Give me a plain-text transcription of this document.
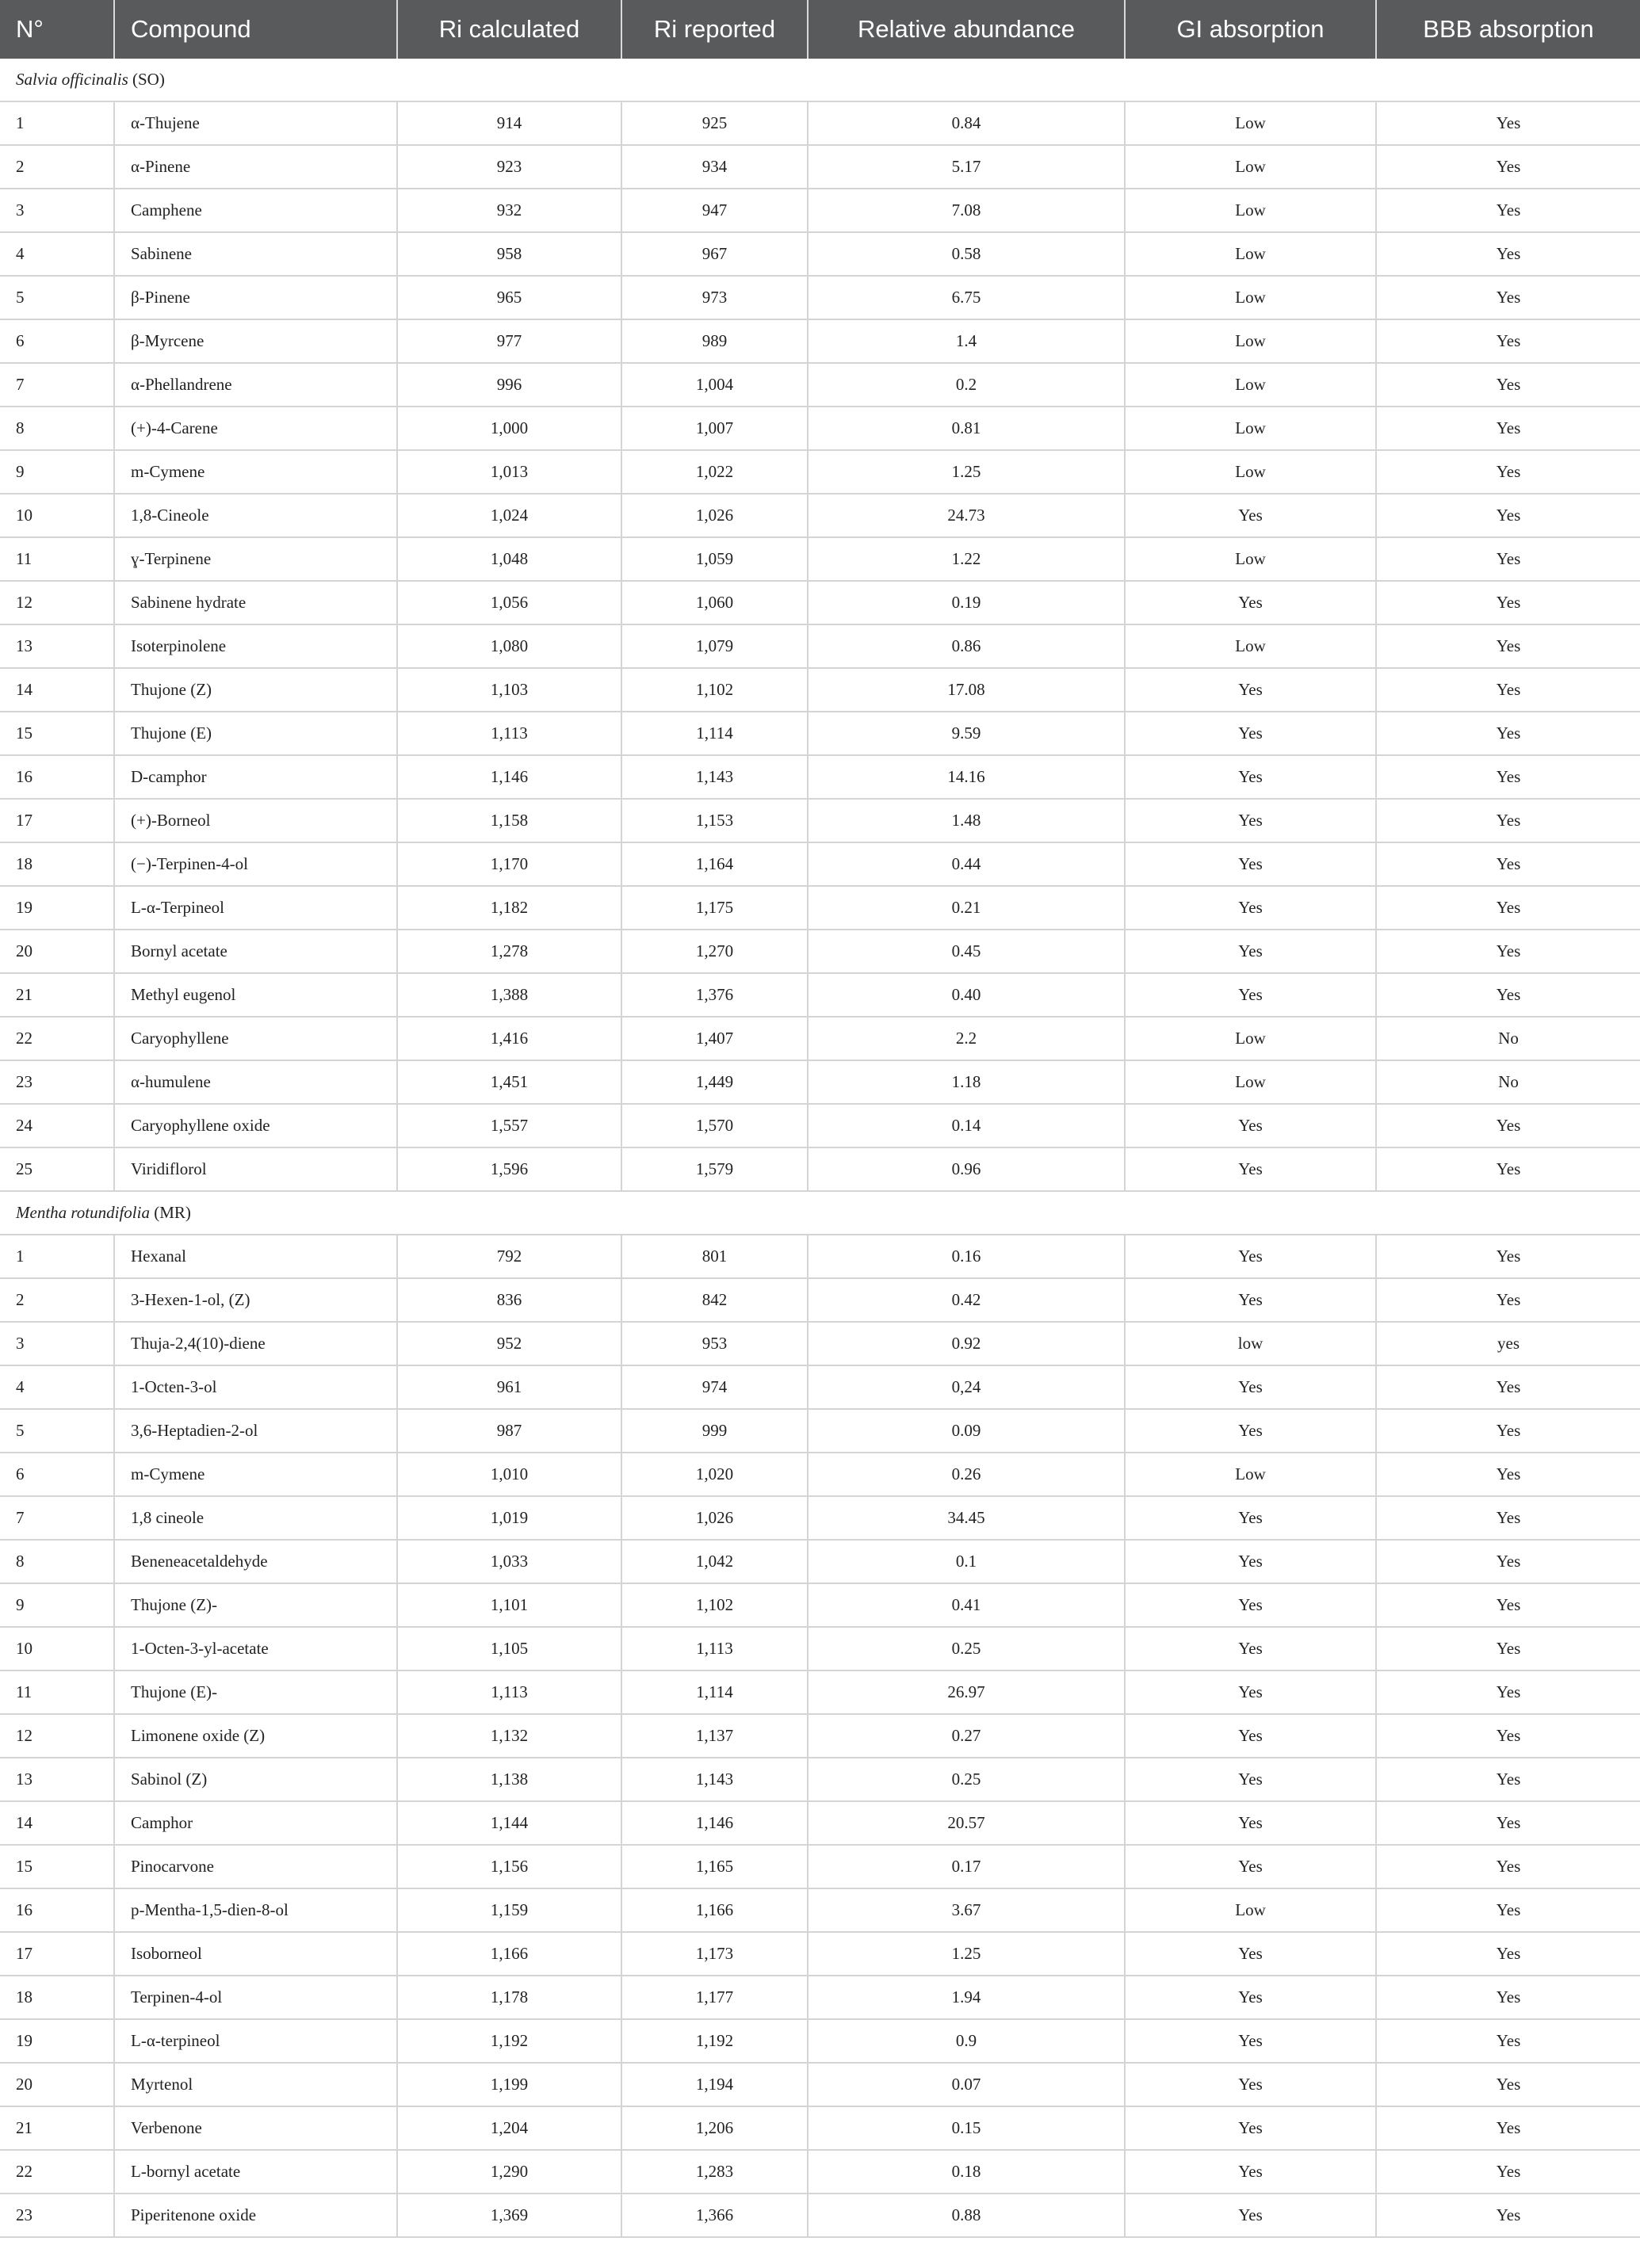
N°	Compound	Ri calculated	Ri reported	Relative abundance	GI absorption	BBB absorption
Salvia officinalis (SO)						
1	α-Thujene	914	925	0.84	Low	Yes
2	α-Pinene	923	934	5.17	Low	Yes
3	Camphene	932	947	7.08	Low	Yes
4	Sabinene	958	967	0.58	Low	Yes
5	β-Pinene	965	973	6.75	Low	Yes
6	β-Myrcene	977	989	1.4	Low	Yes
7	α-Phellandrene	996	1,004	0.2	Low	Yes
8	(+)-4-Carene	1,000	1,007	0.81	Low	Yes
9	m-Cymene	1,013	1,022	1.25	Low	Yes
10	1,8-Cineole	1,024	1,026	24.73	Yes	Yes
11	ɣ-Terpinene	1,048	1,059	1.22	Low	Yes
12	Sabinene hydrate	1,056	1,060	0.19	Yes	Yes
13	Isoterpinolene	1,080	1,079	0.86	Low	Yes
14	Thujone (Z)	1,103	1,102	17.08	Yes	Yes
15	Thujone (E)	1,113	1,114	9.59	Yes	Yes
16	D-camphor	1,146	1,143	14.16	Yes	Yes
17	(+)-Borneol	1,158	1,153	1.48	Yes	Yes
18	(−)-Terpinen-4-ol	1,170	1,164	0.44	Yes	Yes
19	L-α-Terpineol	1,182	1,175	0.21	Yes	Yes
20	Bornyl acetate	1,278	1,270	0.45	Yes	Yes
21	Methyl eugenol	1,388	1,376	0.40	Yes	Yes
22	Caryophyllene	1,416	1,407	2.2	Low	No
23	α-humulene	1,451	1,449	1.18	Low	No
24	Caryophyllene oxide	1,557	1,570	0.14	Yes	Yes
25	Viridiflorol	1,596	1,579	0.96	Yes	Yes
Mentha rotundifolia (MR)						
1	Hexanal	792	801	0.16	Yes	Yes
2	3-Hexen-1-ol, (Z)	836	842	0.42	Yes	Yes
3	Thuja-2,4(10)-diene	952	953	0.92	low	yes
4	1-Octen-3-ol	961	974	0,24	Yes	Yes
5	3,6-Heptadien-2-ol	987	999	0.09	Yes	Yes
6	m-Cymene	1,010	1,020	0.26	Low	Yes
7	1,8 cineole	1,019	1,026	34.45	Yes	Yes
8	Beneneacetaldehyde	1,033	1,042	0.1	Yes	Yes
9	Thujone (Z)-	1,101	1,102	0.41	Yes	Yes
10	1-Octen-3-yl-acetate	1,105	1,113	0.25	Yes	Yes
11	Thujone (E)-	1,113	1,114	26.97	Yes	Yes
12	Limonene oxide (Z)	1,132	1,137	0.27	Yes	Yes
13	Sabinol (Z)	1,138	1,143	0.25	Yes	Yes
14	Camphor	1,144	1,146	20.57	Yes	Yes
15	Pinocarvone	1,156	1,165	0.17	Yes	Yes
16	p-Mentha-1,5-dien-8-ol	1,159	1,166	3.67	Low	Yes
17	Isoborneol	1,166	1,173	1.25	Yes	Yes
18	Terpinen-4-ol	1,178	1,177	1.94	Yes	Yes
19	L-α-terpineol	1,192	1,192	0.9	Yes	Yes
20	Myrtenol	1,199	1,194	0.07	Yes	Yes
21	Verbenone	1,204	1,206	0.15	Yes	Yes
22	L-bornyl acetate	1,290	1,283	0.18	Yes	Yes
23	Piperitenone oxide	1,369	1,366	0.88	Yes	Yes
